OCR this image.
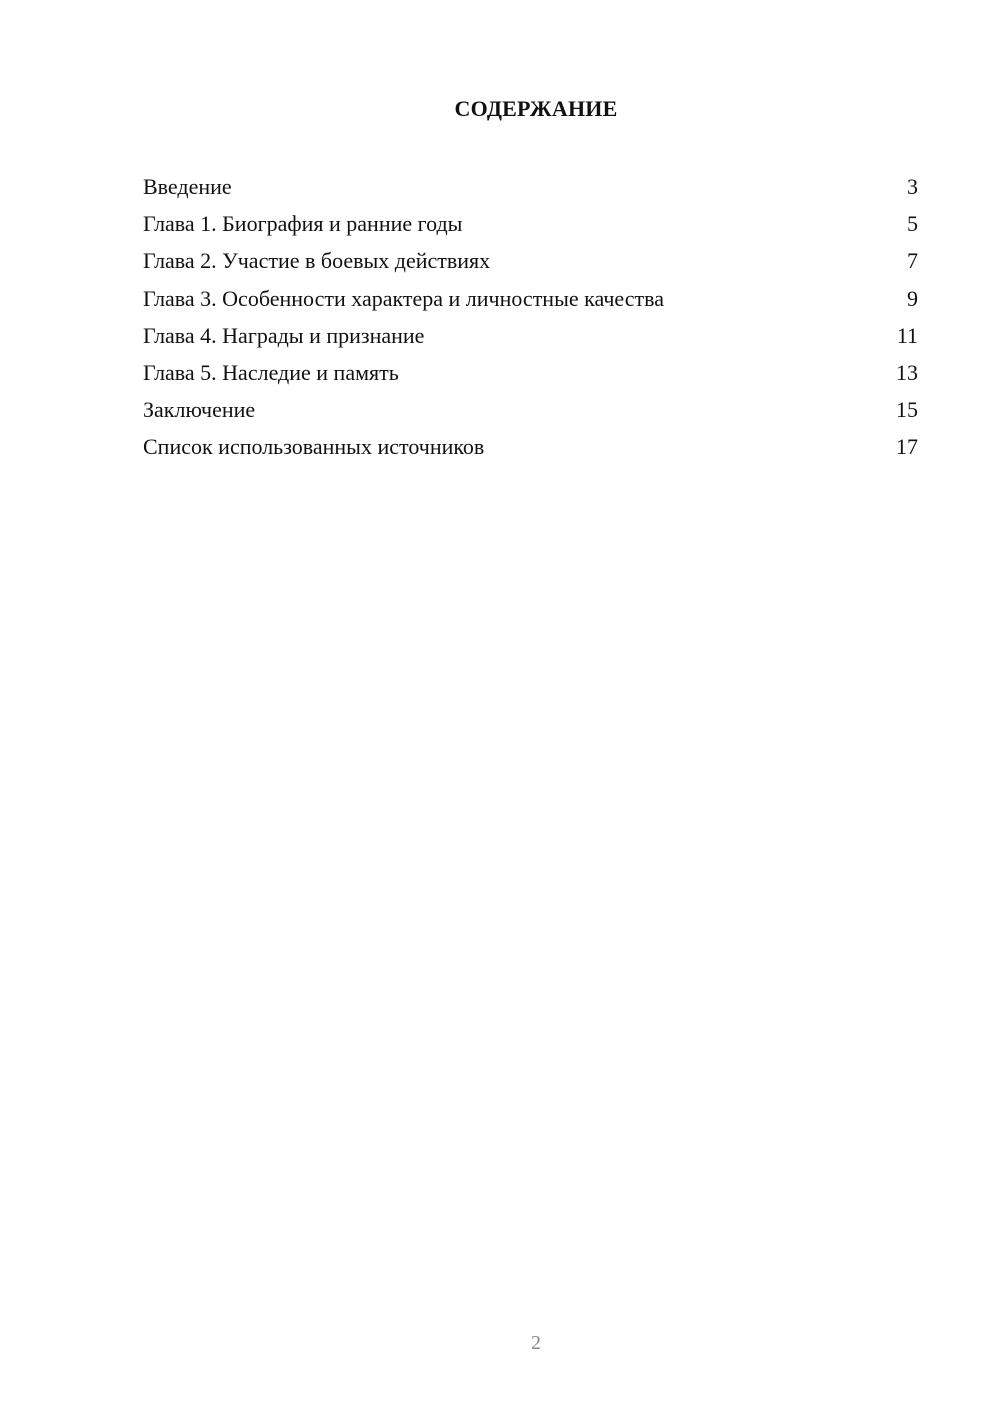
СОДЕРЖАНИЕ
Введение	3
Глава 1. Биография и ранние годы	5
Глава 2. Участие в боевых действиях	7
Глава 3. Особенности характера и личностные качества	9
Глава 4. Награды и признание	11
Глава 5. Наследие и память	13
Заключение	15
Список использованных источников	17
2
